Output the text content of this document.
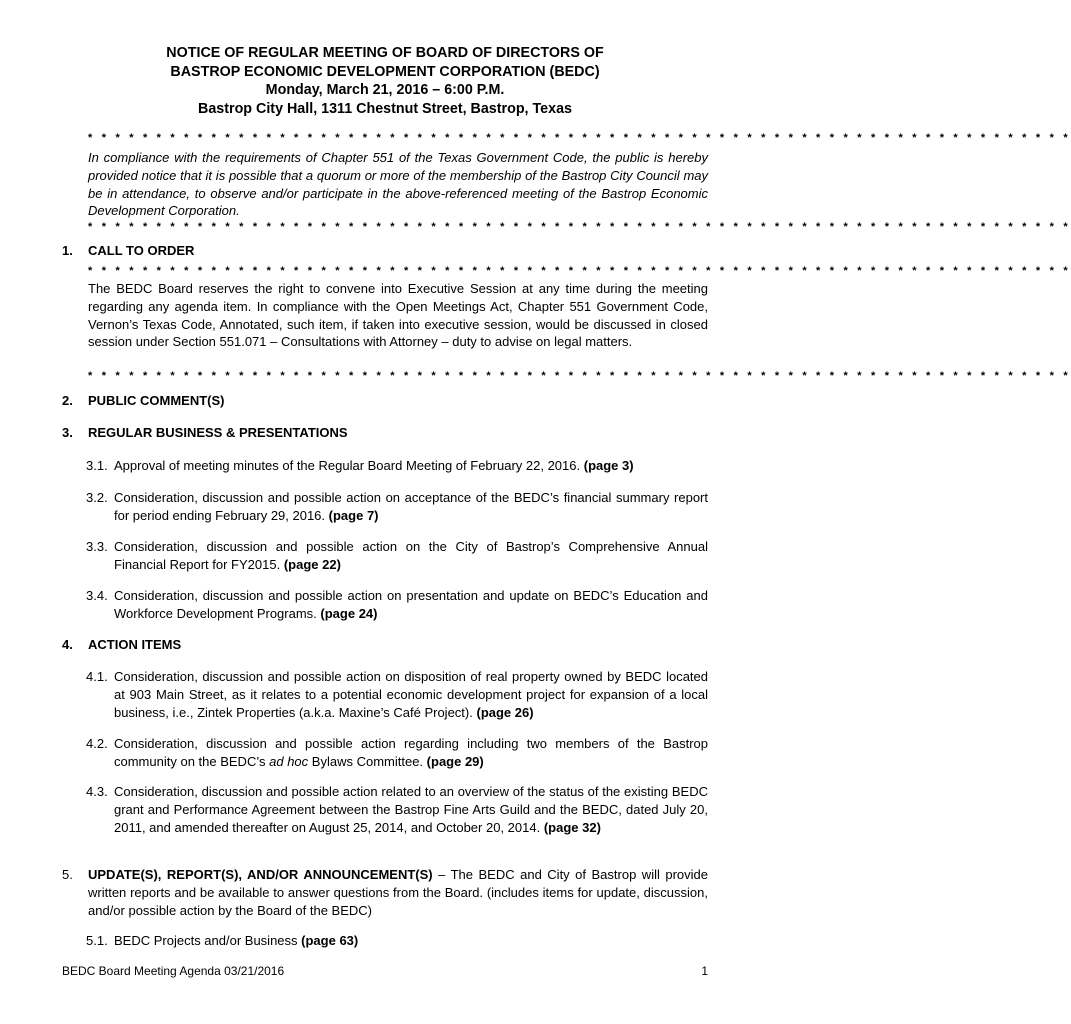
NOTICE OF REGULAR MEETING OF BOARD OF DIRECTORS OF
BASTROP ECONOMIC DEVELOPMENT CORPORATION (BEDC)
Monday, March 21, 2016 – 6:00 P.M.
Bastrop City Hall, 1311 Chestnut Street, Bastrop, Texas
* * * * * * * * * * * * * * * * * * * * * * * * * * * * * * * * * * * * * * * * * * * * * * * * * * * * * * * * * * * * * * * * * * * * * * * *
In compliance with the requirements of Chapter 551 of the Texas Government Code, the public is hereby provided notice that it is possible that a quorum or more of the membership of the Bastrop City Council may be in attendance, to observe and/or participate in the above-referenced meeting of the Bastrop Economic Development Corporation.
* * * * * * * * * * * * * * * * * * * * * * * * * * * * * * * * * * * * * * * * * * * * * * * * * * * * * * * * * * * * * * * * * * * * * * * *
1. CALL TO ORDER
* * * * * * * * * * * * * * * * * * * * * * * * * * * * * * * * * * * * * * * * * * * * * * * * * * * * * * * * * * * * * * * * * * * * * * * *
The BEDC Board reserves the right to convene into Executive Session at any time during the meeting regarding any agenda item. In compliance with the Open Meetings Act, Chapter 551 Government Code, Vernon’s Texas Code, Annotated, such item, if taken into executive session, would be discussed in closed session under Section 551.071 – Consultations with Attorney – duty to advise on legal matters.
* * * * * * * * * * * * * * * * * * * * * * * * * * * * * * * * * * * * * * * * * * * * * * * * * * * * * * * * * * * * * * * * * * * * * * * *
2. PUBLIC COMMENT(S)
3. REGULAR BUSINESS & PRESENTATIONS
3.1. Approval of meeting minutes of the Regular Board Meeting of February 22, 2016. (page 3)
3.2. Consideration, discussion and possible action on acceptance of the BEDC’s financial summary report for period ending February 29, 2016. (page 7)
3.3. Consideration, discussion and possible action on the City of Bastrop’s Comprehensive Annual Financial Report for FY2015. (page 22)
3.4. Consideration, discussion and possible action on presentation and update on BEDC’s Education and Workforce Development Programs. (page 24)
4. ACTION ITEMS
4.1. Consideration, discussion and possible action on disposition of real property owned by BEDC located at 903 Main Street, as it relates to a potential economic development project for expansion of a local business, i.e., Zintek Properties (a.k.a. Maxine’s Café Project). (page 26)
4.2. Consideration, discussion and possible action regarding including two members of the Bastrop community on the BEDC’s ad hoc Bylaws Committee. (page 29)
4.3. Consideration, discussion and possible action related to an overview of the status of the existing BEDC grant and Performance Agreement between the Bastrop Fine Arts Guild and the BEDC, dated July 20, 2011, and amended thereafter on August 25, 2014, and October 20, 2014. (page 32)
5.	UPDATE(S), REPORT(S), AND/OR ANNOUNCEMENT(S) – The BEDC and City of Bastrop will provide written reports and be available to answer questions from the Board. (includes items for update, discussion, and/or possible action by the Board of the BEDC)
5.1. BEDC Projects and/or Business (page 63)
BEDC Board Meeting Agenda 03/21/2016	1
